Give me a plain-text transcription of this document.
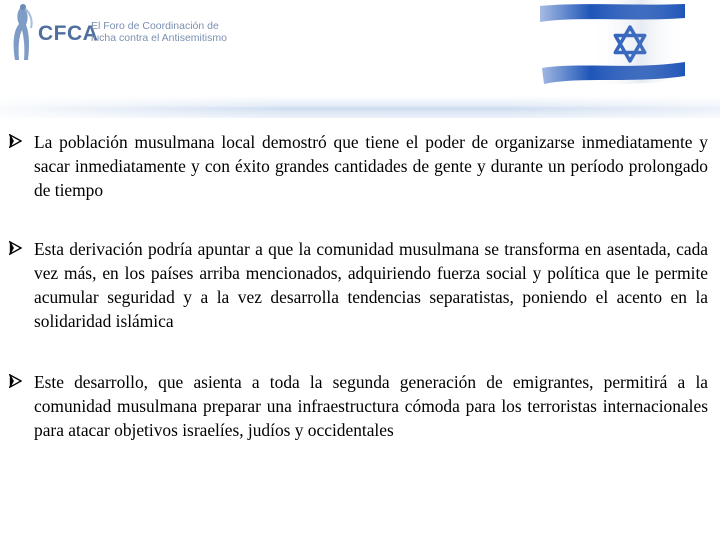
CFCA
El Foro de Coordinación de
lucha contra el Antisemitismo
La población musulmana local demostró que tiene el poder de organizarse inmediatamente y sacar inmediatamente y con éxito grandes cantidades de gente y durante un período prolongado de tiempo
Esta derivación podría apuntar a que la comunidad musulmana se transforma en asentada, cada vez más, en los países arriba mencionados, adquiriendo fuerza social y política que le permite acumular seguridad y a la vez desarrolla tendencias separatistas, poniendo el acento en la solidaridad islámica
Este desarrollo, que asienta a toda la segunda generación de emigrantes, permitirá a la comunidad musulmana preparar una infraestructura cómoda para los terroristas internacionales para atacar objetivos israelíes, judíos y occidentales
